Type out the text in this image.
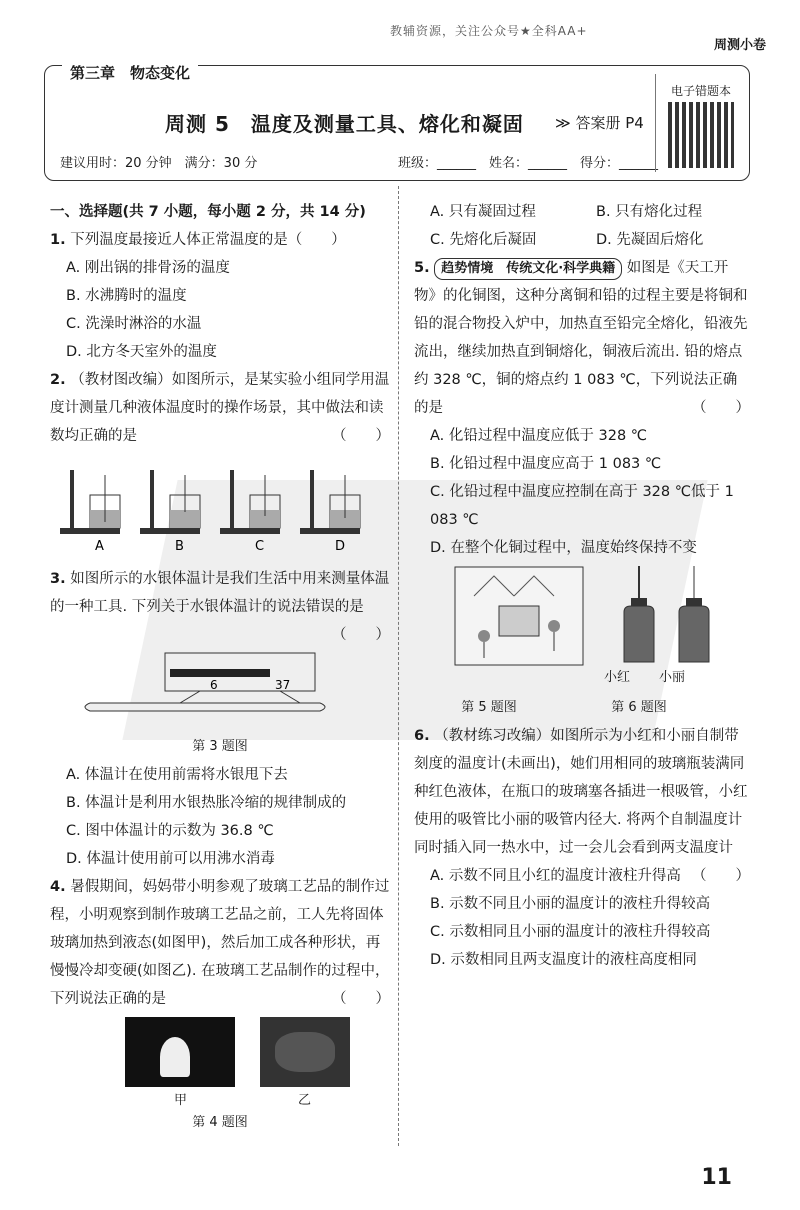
教辅资源，关注公众号★全科AA+
周测小卷
第三章　物态变化
周测 5　温度及测量工具、熔化和凝固 ≫ 答案册 P4
建议用时：20 分钟　满分：30 分	班级：______　姓名：______　得分：______
电子错题本

一、选择题(共 7 小题，每小题 2 分，共 14 分)

1. 下列温度最接近人体正常温度的是（　　）

A. 刚出锅的排骨汤的温度

B. 水沸腾时的温度

C. 洗澡时淋浴的水温

D. 北方冬天室外的温度

2. （教材图改编）如图所示，是某实验小组同学用温度计测量几种液体温度时的操作场景，其中做法和读数均正确的是	（　　）

A	B	C	D

3. 如图所示的水银体温计是我们生活中用来测量体温的一种工具. 下列关于水银体温计的说法错误的是
（　　）

6	37

第 3 题图

A. 体温计在使用前需将水银甩下去

B. 体温计是利用水银热胀冷缩的规律制成的

C. 图中体温计的示数为 36.8 ℃

D. 体温计使用前可以用沸水消毒

4. 暑假期间，妈妈带小明参观了玻璃工艺品的制作过程，小明观察到制作玻璃工艺品之前，工人先将固体玻璃加热到液态(如图甲)，然后加工成各种形状，再慢慢冷却变硬(如图乙). 在玻璃工艺品制作的过程中，下列说法正确的是	（　　）

甲	乙

第 4 题图

A. 只有凝固过程	B. 只有熔化过程

C. 先熔化后凝固	D. 先凝固后熔化

5. 趋势情境　传统文化·科学典籍 如图是《天工开物》的化铜图，这种分离铜和铅的过程主要是将铜和铅的混合物投入炉中，加热直至铅完全熔化，铅液先流出，继续加热直到铜熔化，铜液后流出. 铅的熔点约 328 ℃，铜的熔点约 1 083 ℃，下列说法正确的是	（　　）

A. 化铅过程中温度应低于 328 ℃

B. 化铅过程中温度应高于 1 083 ℃

C. 化铅过程中温度应控制在高于 328 ℃低于 1 083 ℃

D. 在整个化铜过程中，温度始终保持不变

小红 小丽

第 5 题图	第 6 题图

6. （教材练习改编）如图所示为小红和小丽自制带刻度的温度计(未画出)，她们用相同的玻璃瓶装满同种红色液体，在瓶口的玻璃塞各插进一根吸管，小红使用的吸管比小丽的吸管内径大. 将两个自制温度计同时插入同一热水中，过一会儿会看到两支温度计
（　　）

A. 示数不同且小红的温度计液柱升得高

B. 示数不同且小丽的温度计的液柱升得较高

C. 示数相同且小丽的温度计的液柱升得较高

D. 示数相同且两支温度计的液柱高度相同

11
